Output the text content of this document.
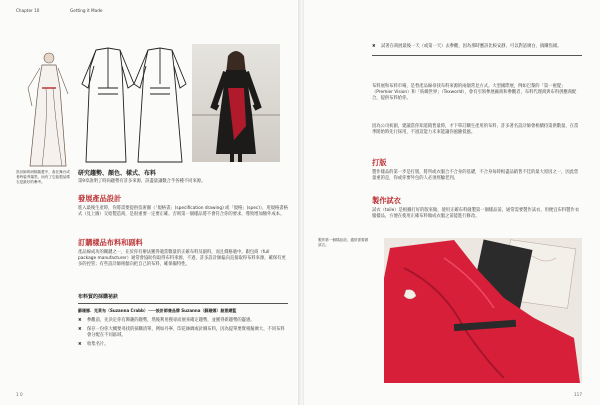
Chapter 10	Getting it Made
設計師的研稿插畫中，會在舞台或者時裝秀場景。而有了它能製品樣衣是最好的參考。
研究趨勢、顏色、樣式、布料
第9章說明了時尚趨勢有許多來源，該盡量讓數合乎各種不同來源。
發展產品設計
進入最後生產時，你將需要提供技術圖（「規格書」(specification drawing) 或「規格」(spec)），用規格書格式（見上圖）交給製造商，是很重要一定要正確。否則第一個樣品將不會符合你的要求，導致增加額外成本。
訂購樣品布料和副料
產品線成功的關鍵之一，在於你有辦法獲得適當數量的正確布料及副料，而且價格適中。跟包商（full package manufacturer）通常會協助你取得布料來源，不過，許多設計師偏向直接取得布料來源，確保有更多的控管；有些設計師則傾向把自己的布料，確保獨特性。
布料貿的採購祕訣
蘇珊娜．克萊布（Suzanna Crabb）一一設計師兼品牌 Suzanna（蘇珊娜）創意總監
✖ 參觀前，先決定你有興趣的趨勢，然後利用搜尋而展來確定趨勢，並獲得新趨勢的靈感。
✖ 保存一份你大概要尋找的採購清單，例如丹寧、印花絲綢或針織布料，因為提單要實相擬廣大、不同布料會分配在不同區域。
✖ 收集名片。
1 0
✖ 試著在商展最後一天（或第一天）去參觀，因為那時應該比較安靜，可以對話廣白、搞購焦綴。
布料展和布料市場，是替產品線尋找布料來源的兩個常見方式。大型國際展，例如巴黎的「第一視覺」（Premier Vision）和「紡織世界」（Texworld），會有引領參展廠商和參觀者，布料代理商與布料供應商配合，提供布料給你。
因為公司初創，建議當你知道銷售量時，才下單訂購生產用的布料，許多著名設計師會相續持第供數量，在當季開始時先行採用，不過這能力未來能讓你風險低風。
打版
製作樣品的第一步是打版，將所或衣服合不合身的基礎，不合身每時根盡品銷售不佳的最大原因之一，因此您量重的是，你或你要外包的人必須經驗老到。
製作試衣
試衣（toile）是根據打好的版來做，使用正確布料縫製第一個樣品前，通常需要製作試衣，用便宜布料製作衣服樣品，方便在使用正確布料做成衣服之前能進行修改。
製作第一個樣品前，通常需要做試衣。
117
